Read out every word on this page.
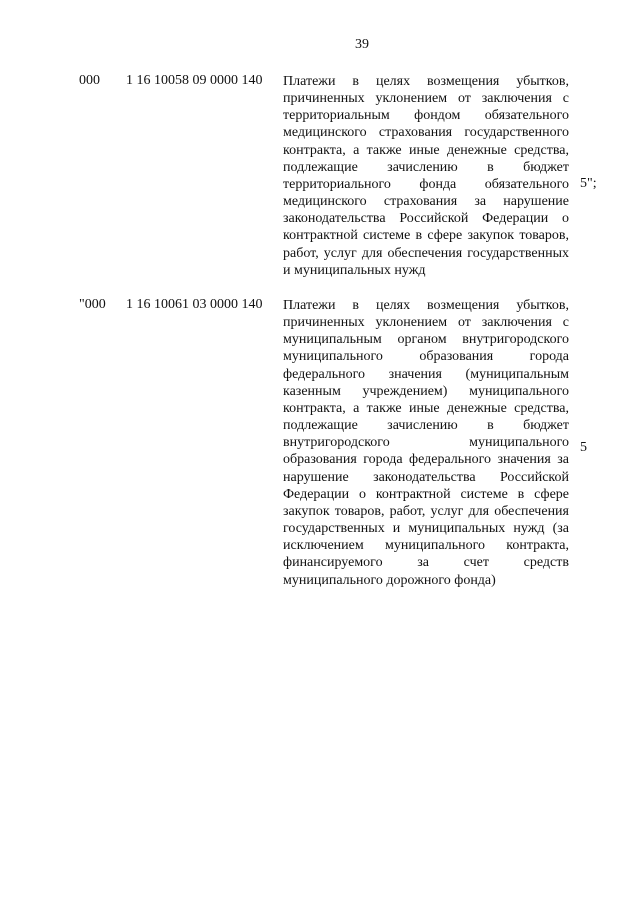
39
000 1 16 10058 09 0000 140 Платежи в целях возмещения убытков, причиненных уклонением от заключения с территориальным фондом обязательного медицинского страхования государственного контракта, а также иные денежные средства, подлежащие зачислению в бюджет территориального фонда обязательного медицинского страхования за нарушение законодательства Российской Федерации о контрактной системе в сфере закупок товаров, работ, услуг для обеспечения государственных и муниципальных нужд
5";
"000 1 16 10061 03 0000 140 Платежи в целях возмещения убытков, причиненных уклонением от заключения с муниципальным органом внутригородского муниципального образования города федерального значения (муниципальным казенным учреждением) муниципального контракта, а также иные денежные средства, подлежащие зачислению в бюджет внутригородского муниципального образования города федерального значения за нарушение законодательства Российской Федерации о контрактной системе в сфере закупок товаров, работ, услуг для обеспечения государственных и муниципальных нужд (за исключением муниципального контракта, финансируемого за счет средств муниципального дорожного фонда)
5
